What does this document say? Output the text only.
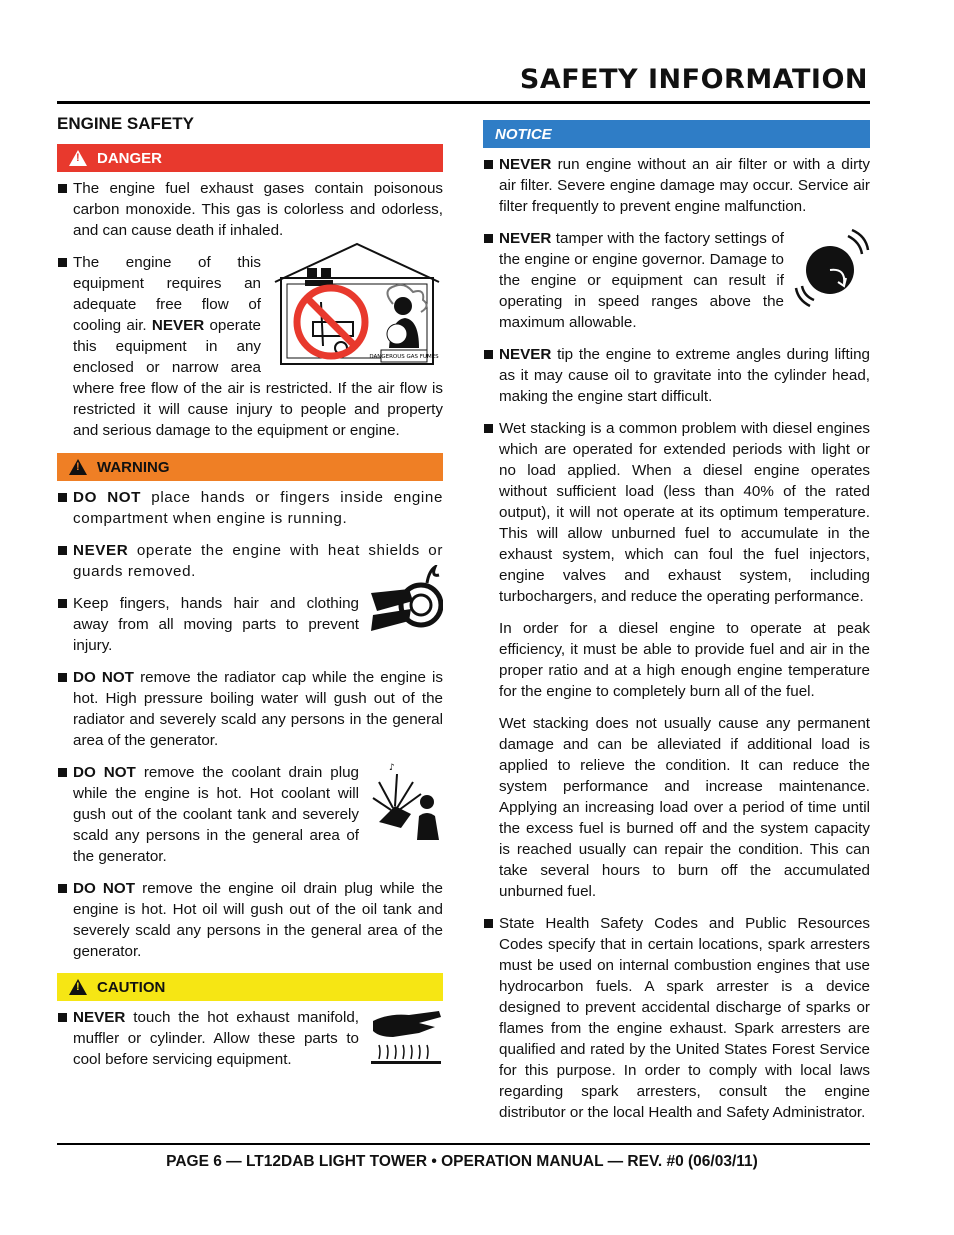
SAFETY INFORMATION
ENGINE SAFETY
!
DANGER
The engine fuel exhaust gases contain poisonous carbon monoxide. This gas is colorless and odorless, and can cause death if inhaled.
DANGEROUS GAS FUMES
The engine of this equipment requires an adequate free flow of cooling air. NEVER operate this equipment in any enclosed or narrow area where free flow of the air is restricted. If the air flow is restricted it will cause injury to people and property and serious damage to the equipment or engine.
!
WARNING
DO NOT place hands or fingers inside engine compartment when engine is running.
NEVER operate the engine with heat shields or guards removed.
Keep fingers, hands hair and clothing away from all moving parts to prevent injury.
DO NOT remove the radiator cap while the engine is hot. High pressure boiling water will gush out of the radiator and severely scald any persons in the general area of the generator.
♪
DO NOT remove the coolant drain plug while the engine is hot. Hot coolant will gush out of the coolant tank and severely scald any persons in the general area of the generator.
DO NOT remove the engine oil drain plug while the engine is hot. Hot oil will gush out of the oil tank and severely scald any persons in the general area of the generator.
!
CAUTION
NEVER touch the hot exhaust manifold, muffler or cylinder. Allow these parts to cool before servicing equipment.
NOTICE
NEVER run engine without an air filter or with a dirty air filter. Severe engine damage may occur. Service air filter frequently to prevent engine malfunction.
NEVER tamper with the factory settings of the engine or engine governor. Damage to the engine or equipment can result if operating in speed ranges above the maximum allowable.
NEVER tip the engine to extreme angles during lifting as it may cause oil to gravitate into the cylinder head, making the engine start difficult.
Wet stacking is a common problem with diesel engines which are operated for extended periods with light or no load applied. When a diesel engine operates without sufficient load (less than 40% of the rated output), it will not operate at its optimum temperature. This will allow unburned fuel to accumulate in the exhaust system, which can foul the fuel injectors, engine valves and exhaust system, including turbochargers, and reduce the operating performance.
In order for a diesel engine to operate at peak efficiency, it must be able to provide fuel and air in the proper ratio and at a high enough engine temperature for the engine to completely burn all of the fuel.
Wet stacking does not usually cause any permanent damage and can be alleviated if additional load is applied to relieve the condition. It can reduce the system performance and increase maintenance. Applying an increasing load over a period of time until the excess fuel is burned off and the system capacity is reached usually can repair the condition. This can take several hours to burn off the accumulated unburned fuel.
State Health Safety Codes and Public Resources Codes specify that in certain locations, spark arresters must be used on internal combustion engines that use hydrocarbon fuels. A spark arrester is a device designed to prevent accidental discharge of sparks or flames from the engine exhaust. Spark arresters are qualified and rated by the United States Forest Service for this purpose. In order to comply with local laws regarding spark arresters, consult the engine distributor or the local Health and Safety Administrator.
PAGE 6 — LT12DAB LIGHT TOWER • OPERATION MANUAL — REV. #0 (06/03/11)
